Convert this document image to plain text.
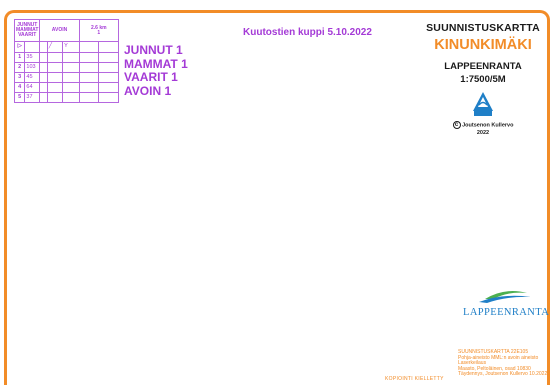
JUNNUT MAMMAT VAARIT		AVOIN			2.6 km
1	
▷			╱	Y		
1	35					
2	103					
3	45					
4	64					
5	37					
JUNNUT 1
MAMMAT 1
VAARIT 1
AVOIN 1
Kuutostien kuppi 5.10.2022	SUUNNISTUSKARTTA
KINUNKIMÄKI
LAPPEENRANTA
1:7500/5M
c Joutsenon Kullervo
2022
LAPPEENRANTA
KOPIOINTI KIELLETTY
SUUNNISTUSKARTTA 22E105
Pohja-aineisto MML:n avoin aineisto
Laserkeilaus
Maasto, Peltoläinen, osad 10830
Täydennys, Joutsenon Kullervo 10.2022
